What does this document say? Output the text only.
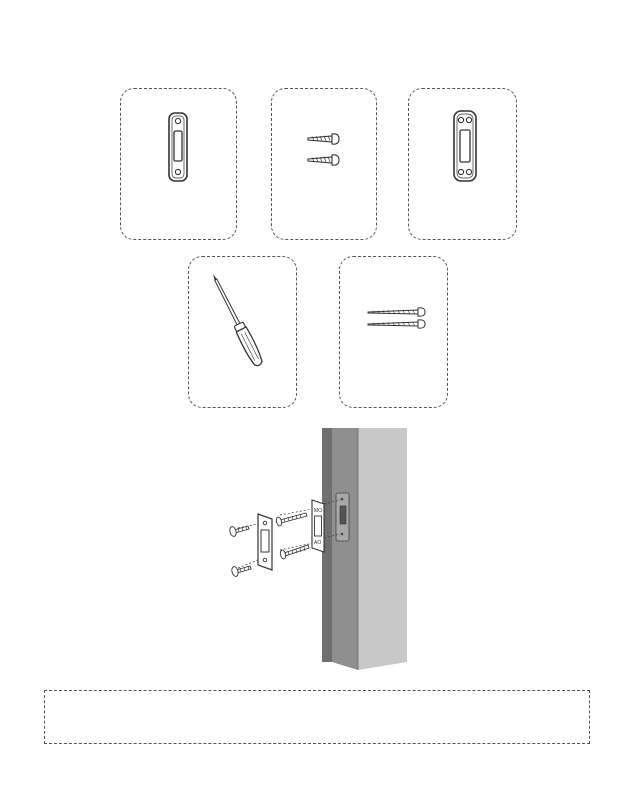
MO
AO
